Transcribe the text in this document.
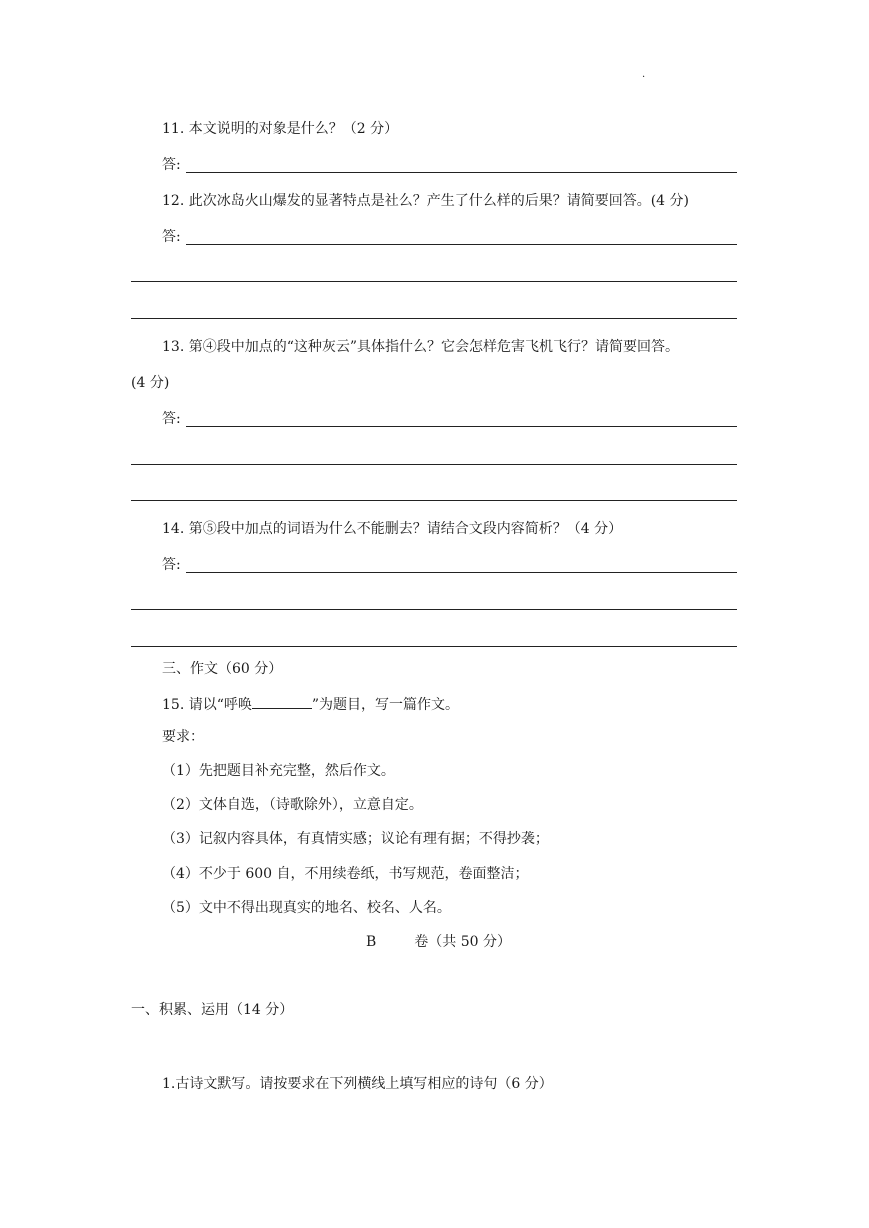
.
11. 本文说明的对象是什么？（2 分）
答:
12. 此次冰岛火山爆发的显著特点是社么？产生了什么样的后果？请简要回答。(4 分)
答:
13. 第④段中加点的“这种灰云”具体指什么？它会怎样危害飞机飞行？请简要回答。
(4 分)
答:
14. 第⑤段中加点的词语为什么不能删去？请结合文段内容简析？（4 分）
答:
三、作文（60 分）
15. 请以“呼唤	”为题目，写一篇作文。
要求：
（1）先把题目补充完整，然后作文。
（2）文体自选，（诗歌除外），立意自定。
（3）记叙内容具体，有真情实感；议论有理有据；不得抄袭；
（4）不少于 600 自，不用续卷纸，书写规范，卷面整洁；
（5）文中不得出现真实的地名、校名、人名。
B	卷（共 50 分）
一、积累、运用（14 分）
1.古诗文默写。请按要求在下列横线上填写相应的诗句（6 分）
